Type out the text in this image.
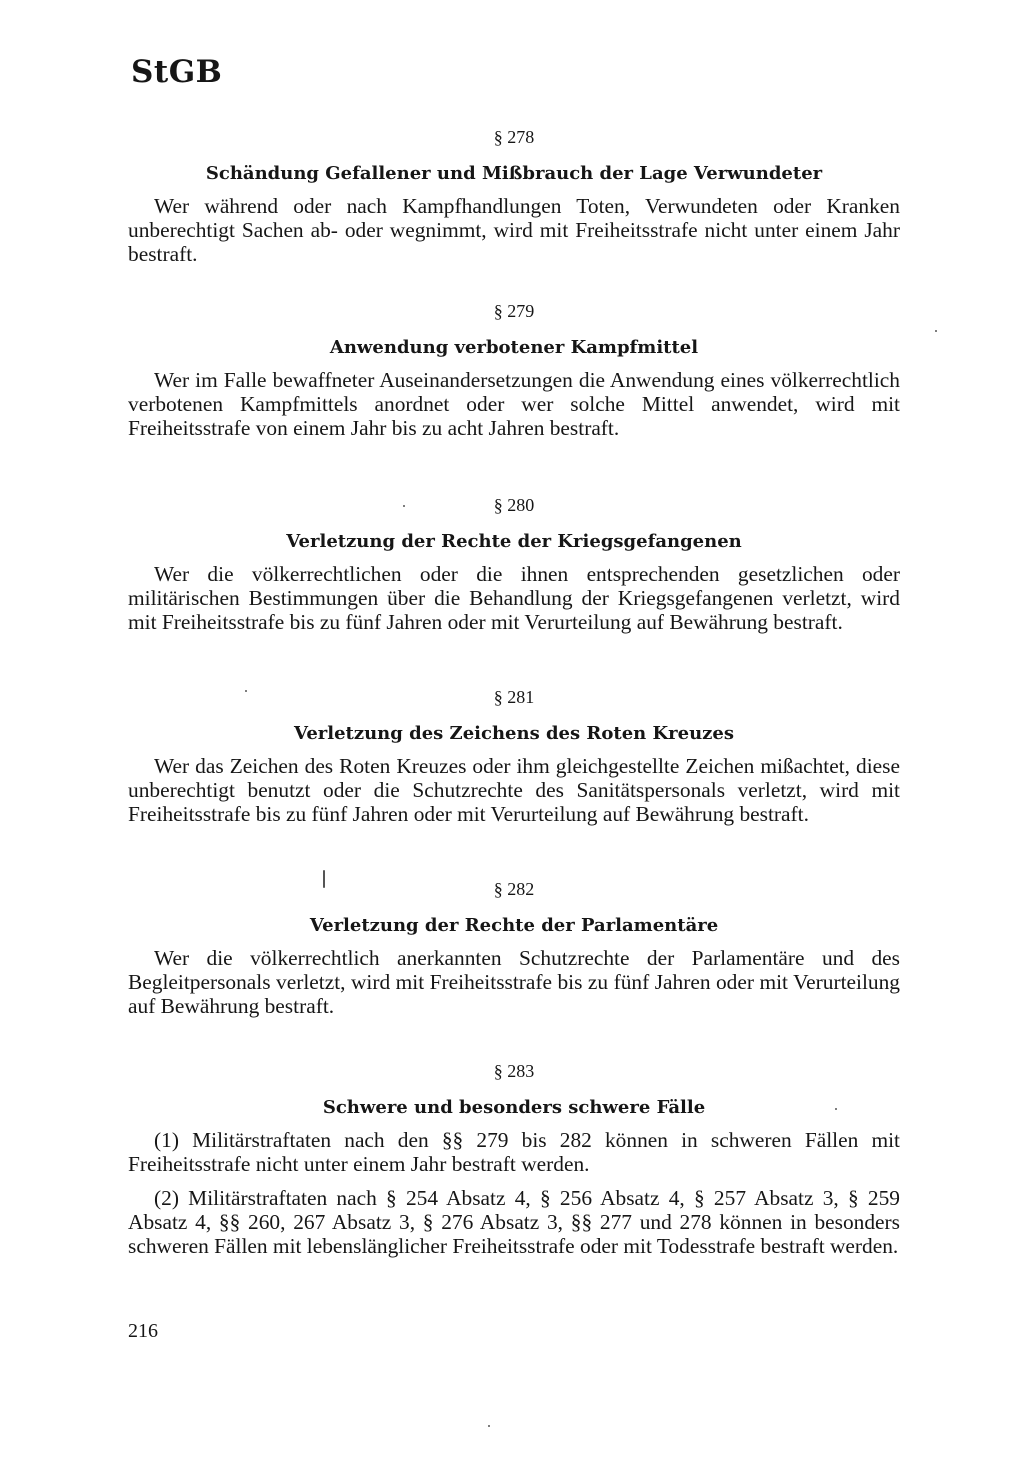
StGB

§ 278

Schändung Gefallener und Mißbrauch der Lage Verwundeter

Wer während oder nach Kampfhandlungen Toten, Verwundeten oder Kranken unberechtigt Sachen ab- oder wegnimmt, wird mit Freiheitsstrafe nicht unter einem Jahr bestraft.

§ 279

Anwendung verbotener Kampfmittel

Wer im Falle bewaffneter Auseinandersetzungen die Anwendung eines völkerrechtlich verbotenen Kampfmittels anordnet oder wer solche Mittel anwendet, wird mit Freiheitsstrafe von einem Jahr bis zu acht Jahren bestraft.

§ 280

Verletzung der Rechte der Kriegsgefangenen

Wer die völkerrechtlichen oder die ihnen entsprechenden gesetzlichen oder militärischen Bestimmungen über die Behandlung der Kriegsgefangenen verletzt, wird mit Freiheitsstrafe bis zu fünf Jahren oder mit Verurteilung auf Bewährung bestraft.

§ 281

Verletzung des Zeichens des Roten Kreuzes

Wer das Zeichen des Roten Kreuzes oder ihm gleichgestellte Zeichen mißachtet, diese unberechtigt benutzt oder die Schutzrechte des Sanitätspersonals verletzt, wird mit Freiheitsstrafe bis zu fünf Jahren oder mit Verurteilung auf Bewährung bestraft.

§ 282

Verletzung der Rechte der Parlamentäre

Wer die völkerrechtlich anerkannten Schutzrechte der Parlamentäre und des Begleitpersonals verletzt, wird mit Freiheitsstrafe bis zu fünf Jahren oder mit Verurteilung auf Bewährung bestraft.

§ 283

Schwere und besonders schwere Fälle

(1) Militärstraftaten nach den §§ 279 bis 282 können in schweren Fällen mit Freiheitsstrafe nicht unter einem Jahr bestraft werden.

(2) Militärstraftaten nach § 254 Absatz 4, § 256 Absatz 4, § 257 Absatz 3, § 259 Absatz 4, §§ 260, 267 Absatz 3, § 276 Absatz 3, §§ 277 und 278 können in besonders schweren Fällen mit lebenslänglicher Freiheitsstrafe oder mit Todesstrafe bestraft werden.

216
